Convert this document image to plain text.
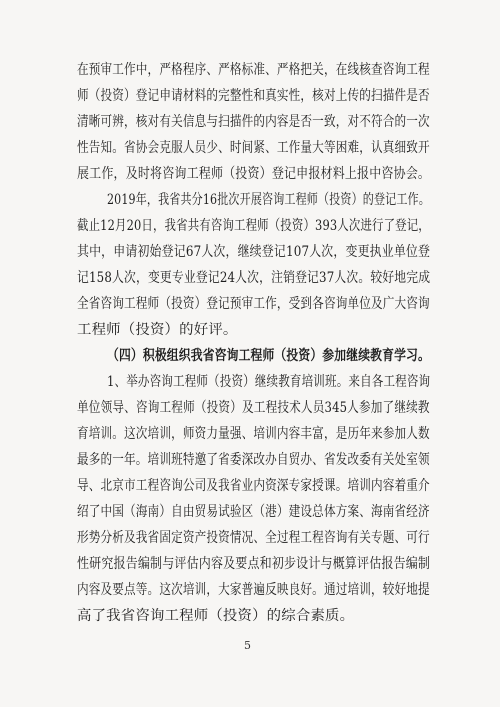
在预审工作中，严格程序、严格标准、严格把关，在线核查咨询工程
师（投资）登记申请材料的完整性和真实性，核对上传的扫描件是否
清晰可辨，核对有关信息与扫描件的内容是否一致，对不符合的一次
性告知。省协会克服人员少、时间紧、工作量大等困难，认真细致开
展工作，及时将咨询工程师（投资）登记申报材料上报中咨协会。
2019年，我省共分16批次开展咨询工程师（投资）的登记工作。
截止12月20日，我省共有咨询工程师（投资）393人次进行了登记，
其中，申请初始登记67人次，继续登记107人次，变更执业单位登
记158人次，变更专业登记24人次，注销登记37人次。较好地完成
全省咨询工程师（投资）登记预审工作，受到各咨询单位及广大咨询
工程师（投资）的好评。
（四）积极组织我省咨询工程师（投资）参加继续教育学习。
1、举办咨询工程师（投资）继续教育培训班。来自各工程咨询
单位领导、咨询工程师（投资）及工程技术人员345人参加了继续教
育培训。这次培训，师资力量强、培训内容丰富，是历年来参加人数
最多的一年。培训班特邀了省委深改办自贸办、省发改委有关处室领
导、北京市工程咨询公司及我省业内资深专家授课。培训内容着重介
绍了中国（海南）自由贸易试验区（港）建设总体方案、海南省经济
形势分析及我省固定资产投资情况、全过程工程咨询有关专题、可行
性研究报告编制与评估内容及要点和初步设计与概算评估报告编制
内容及要点等。这次培训，大家普遍反映良好。通过培训，较好地提
高了我省咨询工程师（投资）的综合素质。
5
